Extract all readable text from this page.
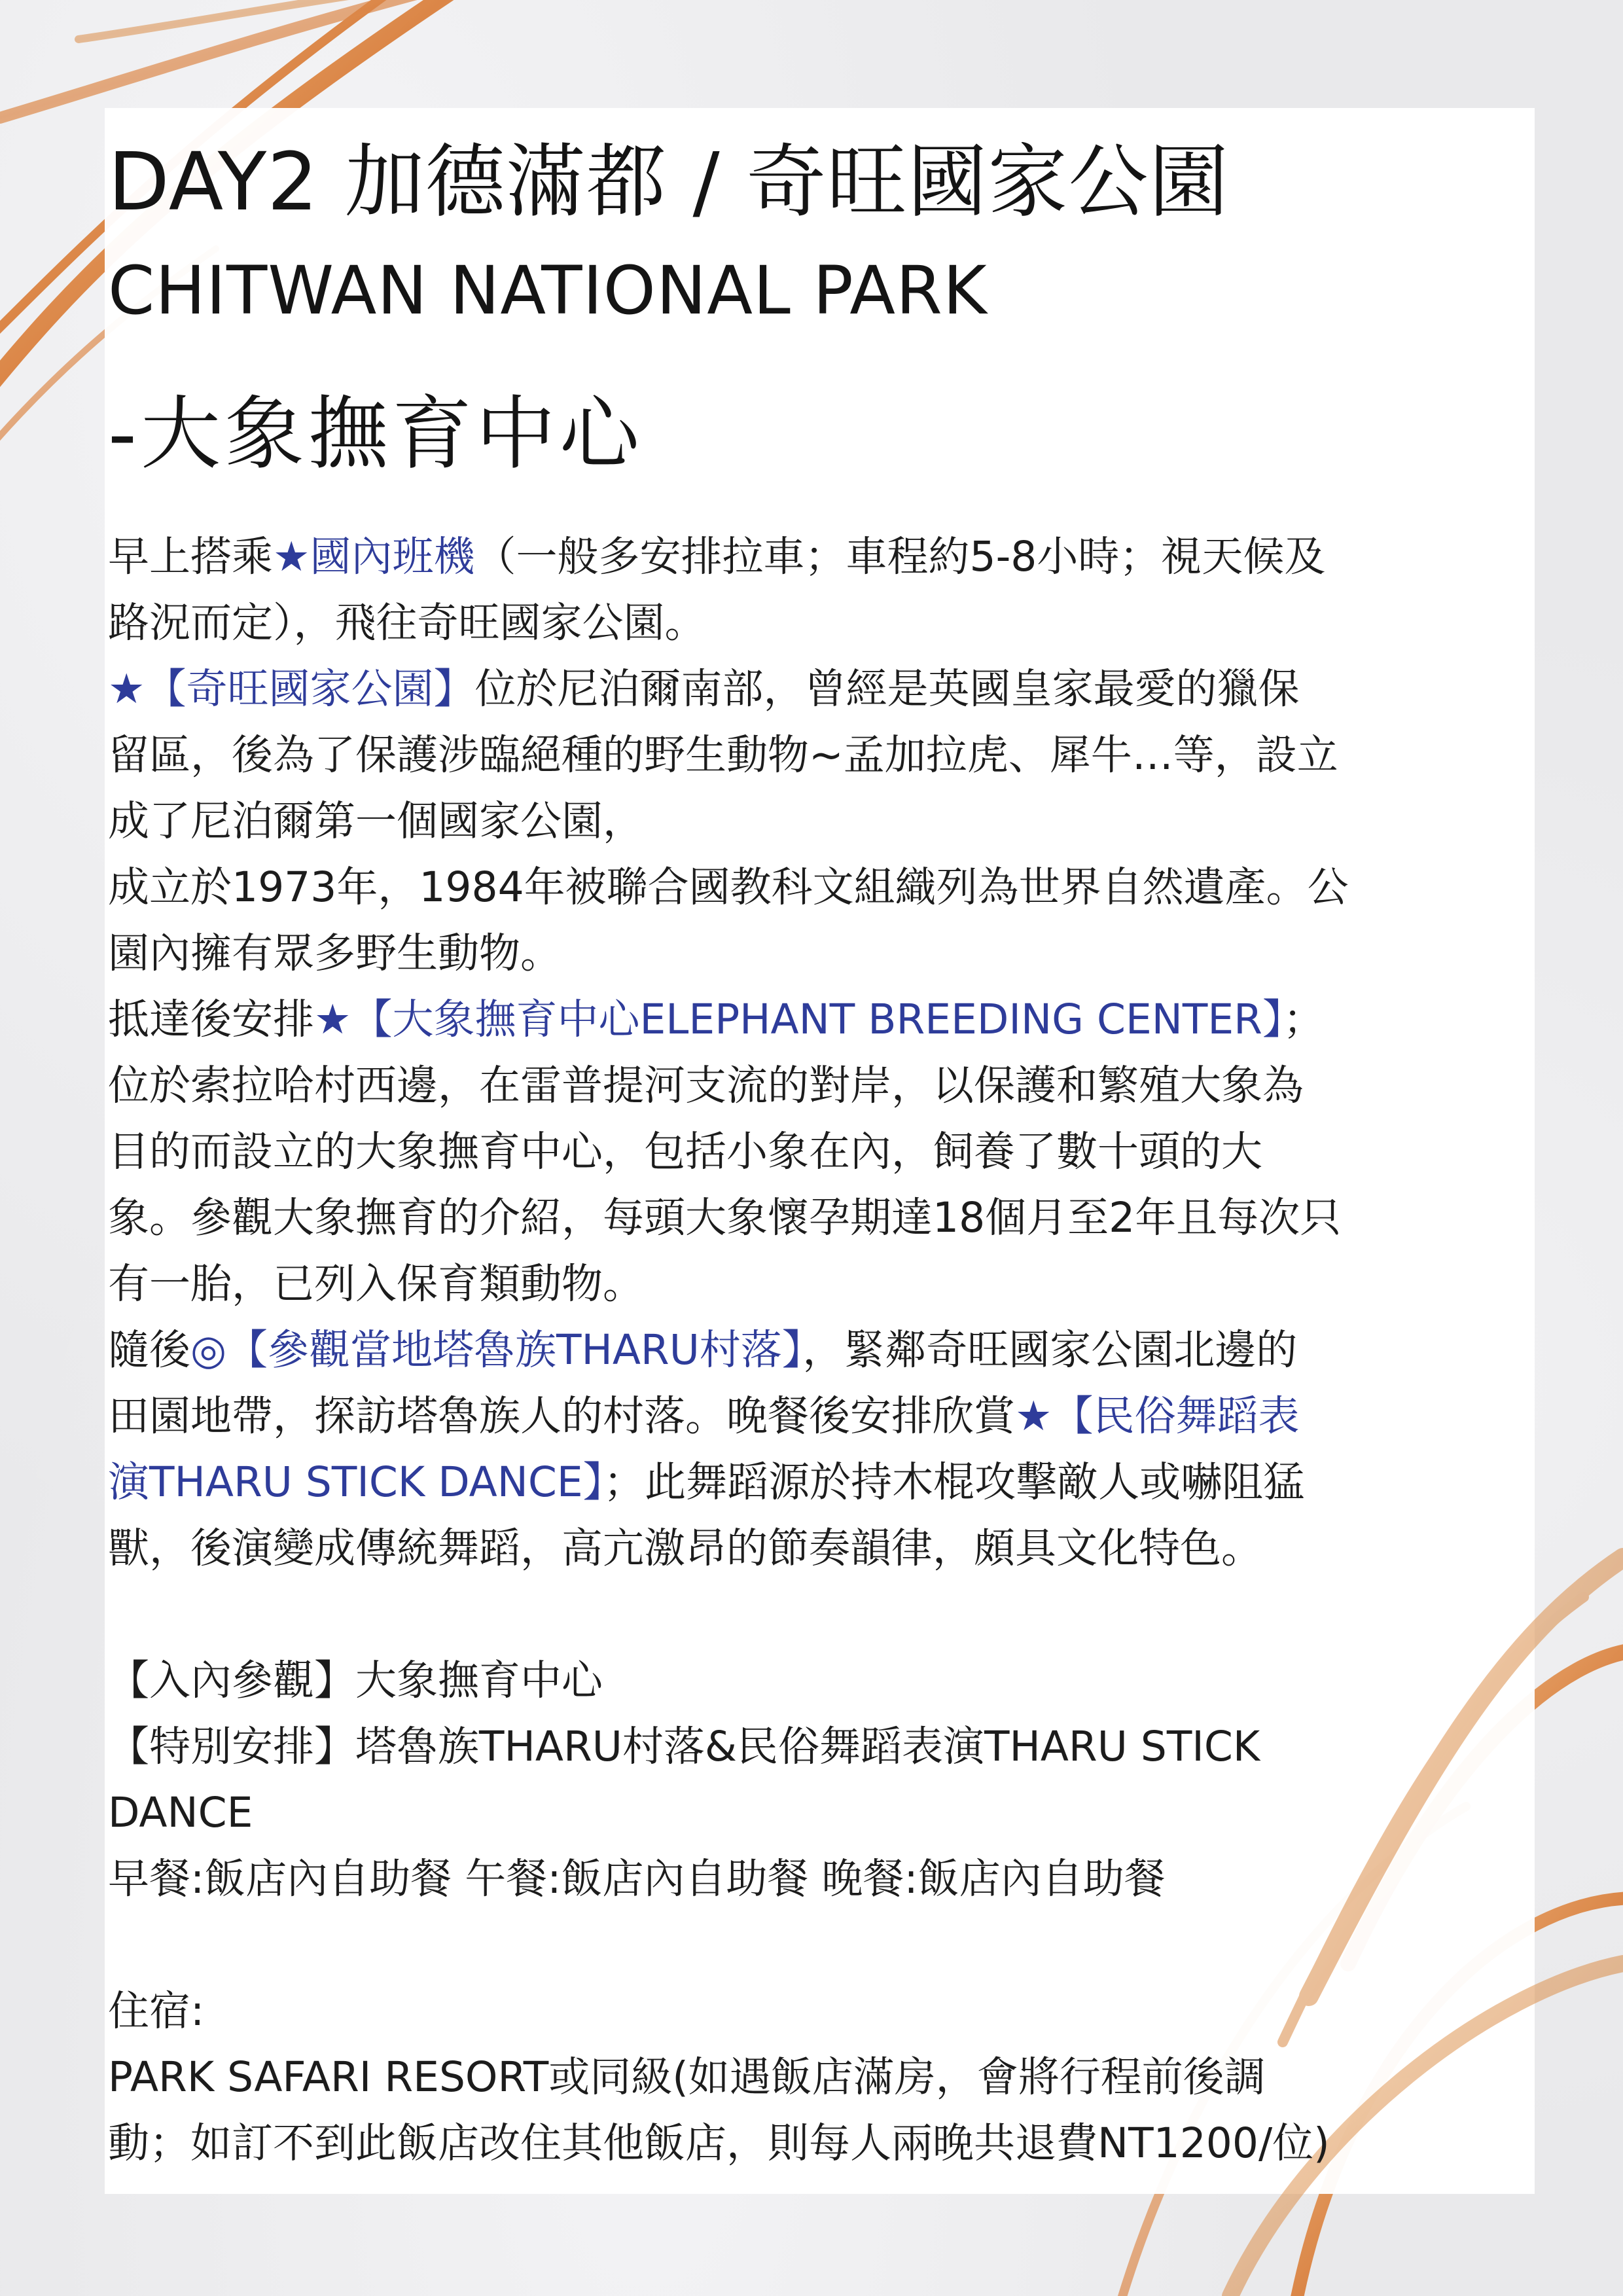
DAY2 加德滿都 / 奇旺國家公園
CHITWAN NATIONAL PARK
-大象撫育中心
早上搭乘★國內班機（一般多安排拉車；車程約5-8小時；視天候及
路況而定），飛往奇旺國家公園。
★【奇旺國家公園】位於尼泊爾南部，曾經是英國皇家最愛的獵保
留區，後為了保護涉臨絕種的野生動物~孟加拉虎、犀牛…等，設立
成了尼泊爾第一個國家公園，
成立於1973年，1984年被聯合國教科文組織列為世界自然遺產。公
園內擁有眾多野生動物。
抵達後安排★【大象撫育中心ELEPHANT BREEDING CENTER】；
位於索拉哈村西邊，在雷普提河支流的對岸，以保護和繁殖大象為
目的而設立的大象撫育中心，包括小象在內，飼養了數十頭的大
象。參觀大象撫育的介紹，每頭大象懷孕期達18個月至2年且每次只
有一胎，已列入保育類動物。
隨後◎【參觀當地塔魯族THARU村落】，緊鄰奇旺國家公園北邊的
田園地帶，探訪塔魯族人的村落。晚餐後安排欣賞★【民俗舞蹈表
演THARU STICK DANCE】；此舞蹈源於持木棍攻擊敵人或嚇阻猛
獸，後演變成傳統舞蹈，高亢激昂的節奏韻律，頗具文化特色。
【入內參觀】大象撫育中心
【特別安排】塔魯族THARU村落&民俗舞蹈表演THARU STICK
DANCE
早餐:飯店內自助餐 午餐:飯店內自助餐 晚餐:飯店內自助餐
住宿:
PARK SAFARI RESORT或同級(如遇飯店滿房，會將行程前後調
動；如訂不到此飯店改住其他飯店，則每人兩晚共退費NT1200/位)
